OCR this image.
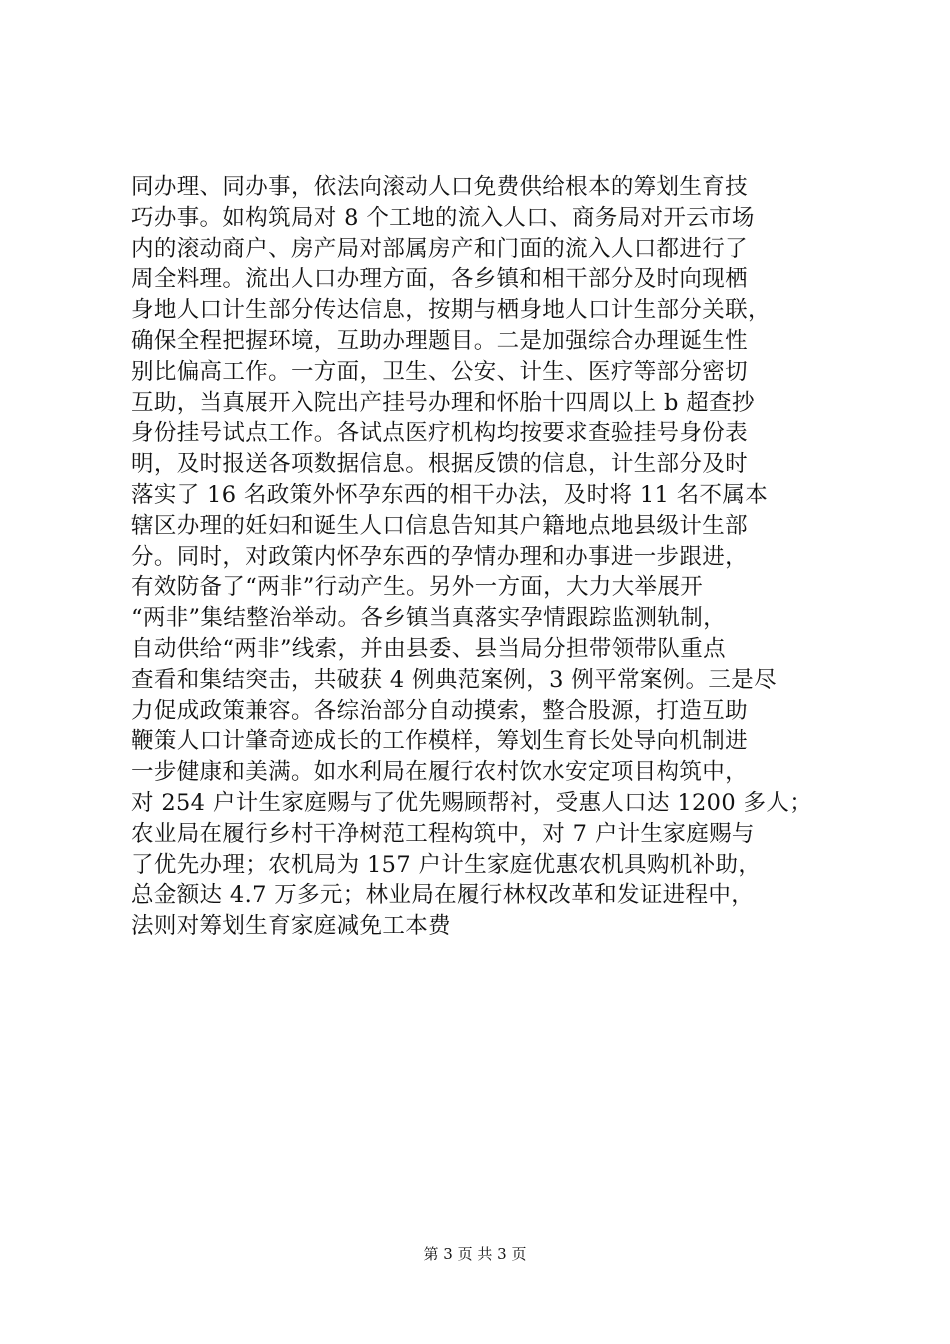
同办理、同办事，依法向滚动人口免费供给根本的筹划生育技
巧办事。如构筑局对 8 个工地的流入人口、商务局对开云市场
内的滚动商户、房产局对部属房产和门面的流入人口都进行了
周全料理。流出人口办理方面，各乡镇和相干部分及时向现栖
身地人口计生部分传达信息，按期与栖身地人口计生部分关联，
确保全程把握环境，互助办理题目。二是加强综合办理诞生性
别比偏高工作。一方面，卫生、公安、计生、医疗等部分密切
互助，当真展开入院出产挂号办理和怀胎十四周以上 b 超查抄
身份挂号试点工作。各试点医疗机构均按要求查验挂号身份表
明，及时报送各项数据信息。根据反馈的信息，计生部分及时
落实了 16 名政策外怀孕东西的相干办法，及时将 11 名不属本
辖区办理的妊妇和诞生人口信息告知其户籍地点地县级计生部
分。同时，对政策内怀孕东西的孕情办理和办事进一步跟进，
有效防备了“两非”行动产生。另外一方面，大力大举展开
“两非”集结整治举动。各乡镇当真落实孕情跟踪监测轨制，
自动供给“两非”线索，并由县委、县当局分担带领带队重点
查看和集结突击，共破获 4 例典范案例，3 例平常案例。三是尽
力促成政策兼容。各综治部分自动摸索，整合股源，打造互助
鞭策人口计肇奇迹成长的工作模样，筹划生育长处导向机制进
一步健康和美满。如水利局在履行农村饮水安定项目构筑中，
对 254 户计生家庭赐与了优先赐顾帮衬，受惠人口达 1200 多人；
农业局在履行乡村干净树范工程构筑中，对 7 户计生家庭赐与
了优先办理；农机局为 157 户计生家庭优惠农机具购机补助，
总金额达 4.7 万多元；林业局在履行林权改革和发证进程中，
法则对筹划生育家庭减免工本费
第 3 页 共 3 页
